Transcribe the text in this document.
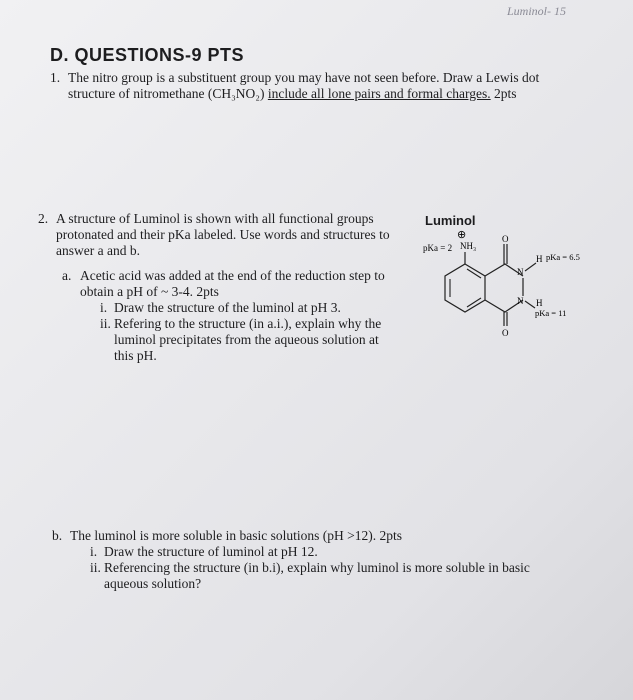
Luminol- 15
D. QUESTIONS-9 PTS
1. The nitro group is a substituent group you may have not seen before. Draw a Lewis dot
structure of nitromethane (CH₃NO₂) include all lone pairs and formal charges. 2pts
2. A structure of Luminol is shown with all functional groups
protonated and their pKa labeled. Use words and structures to
answer a and b.
a. Acetic acid was added at the end of the reduction step to
obtain a pH of ~ 3-4. 2pts
i. Draw the structure of the luminol at pH 3.
ii. Refering to the structure (in a.i.), explain why the
luminol precipitates from the aqueous solution at
this pH.
Luminol
⊕
NH₃
pKa = 2
O
O
N
N
H pKa = 6.5
H
pKa = 11
b. The luminol is more soluble in basic solutions (pH >12). 2pts
i. Draw the structure of luminol at pH 12.
ii. Referencing the structure (in b.i), explain why luminol is more soluble in basic
aqueous solution?
